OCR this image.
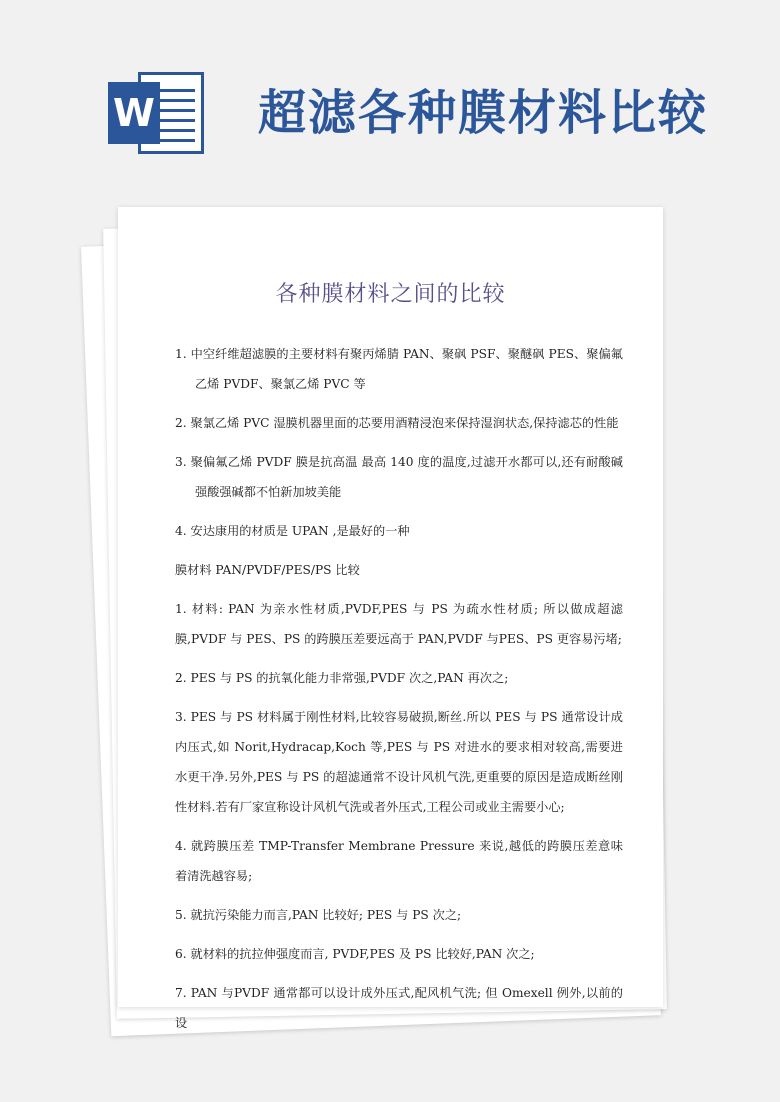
W 超滤各种膜材料比较
各种膜材料之间的比较

1. 中空纤维超滤膜的主要材料有聚丙烯腈 PAN、聚砜 PSF、聚醚砜 PES、聚偏氟乙烯 PVDF、聚氯乙烯 PVC 等

2. 聚氯乙烯 PVC 湿膜机器里面的芯要用酒精浸泡来保持湿润状态,保持滤芯的性能

3. 聚偏氟乙烯 PVDF 膜是抗高温 最高 140 度的温度,过滤开水都可以,还有耐酸碱强酸强碱都不怕新加坡美能

4. 安达康用的材质是 UPAN ,是最好的一种

膜材料 PAN/PVDF/PES/PS 比较

1. 材料: PAN 为亲水性材质,PVDF,PES 与 PS 为疏水性材质; 所以做成超滤膜,PVDF 与 PES、PS 的跨膜压差要远高于 PAN,PVDF 与PES、PS 更容易污堵;

2. PES 与 PS 的抗氧化能力非常强,PVDF 次之,PAN 再次之;

3. PES 与 PS 材料属于刚性材料,比较容易破损,断丝.所以 PES 与 PS 通常设计成内压式,如 Norit,Hydracap,Koch 等,PES 与 PS 对进水的要求相对较高,需要进水更干净.另外,PES 与 PS 的超滤通常不设计风机气洗,更重要的原因是造成断丝刚性材料.若有厂家宣称设计风机气洗或者外压式,工程公司或业主需要小心;

4. 就跨膜压差 TMP-Transfer Membrane Pressure 来说,越低的跨膜压差意味着清洗越容易;

5. 就抗污染能力而言,PAN 比较好; PES 与 PS 次之;

6. 就材料的抗拉伸强度而言, PVDF,PES 及 PS 比较好,PAN 次之;

7. PAN 与PVDF 通常都可以设计成外压式,配风机气洗; 但 Omexell 例外,以前的设
